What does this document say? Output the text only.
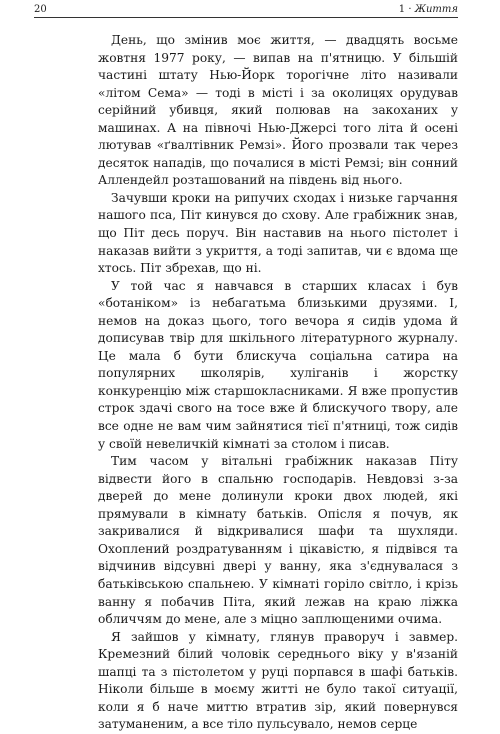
20	1 · Життя

День, що змінив моє життя, — двадцять восьме жовтня 1977 року, — випав на п'ятницю. У більшій частині штату Нью-Йорк торогічне літо називали «літом Сема» — тоді в місті і за околицях орудував серійний убивця, який полював на закоханих у машинах. А на півночі Нью-Джерсі того літа й осені лютував «ґвалтівник Ремзі». Його прозвали так через десяток нападів, що почалися в місті Ремзі; він сонний Аллендейл розташований на південь від нього.

Зачувши кроки на рипучих сходах і низьке гарчання нашого пса, Піт кинувся до схову. Але грабіжник знав, що Піт десь поруч. Він наставив на нього пістолет і наказав вийти з укриття, а тоді запитав, чи є вдома ще хтось. Піт збрехав, що ні.

У той час я навчався в старших класах і був «ботаніком» із небагатьма близькими друзями. І, немов на доказ цього, того вечора я сидів удома й дописував твір для шкільного літературного журналу. Це мала б бути блискуча соціальна сатира на популярних школярів, хуліганів і жорстку конкуренцію між старшокласниками. Я вже пропустив строк здачі свого на тосе вже й блискучого твору, але все одне не вам чим зайнятися тієї п'ятниці, тож сидів у своїй невеличкій кімнаті за столом і писав.

Тим часом у вітальні грабіжник наказав Піту відвести його в спальню господарів. Невдовзі з-за дверей до мене долинули кроки двох людей, які прямували в кімнату батьків. Опісля я почув, як закривалися й відкривалися шафи та шухляди. Охоплений роздратуванням і цікавістю, я підвівся та відчинив відсувні двері у ванну, яка з'єднувалася з батьківською спальнею. У кімнаті горіло світло, і крізь ванну я побачив Піта, який лежав на краю ліжка обличчям до мене, але з міцно заплющеними очима.

Я зайшов у кімнату, глянув праворуч і завмер. Кремезний білий чоловік середнього віку у в'язаній шапці та з пістолетом у руці порпався в шафі батьків. Ніколи більше в моєму житті не було такої ситуації, коли я б наче миттю втратив зір, який повернувся затуманеним, а все тіло пульсувало, немов серце
